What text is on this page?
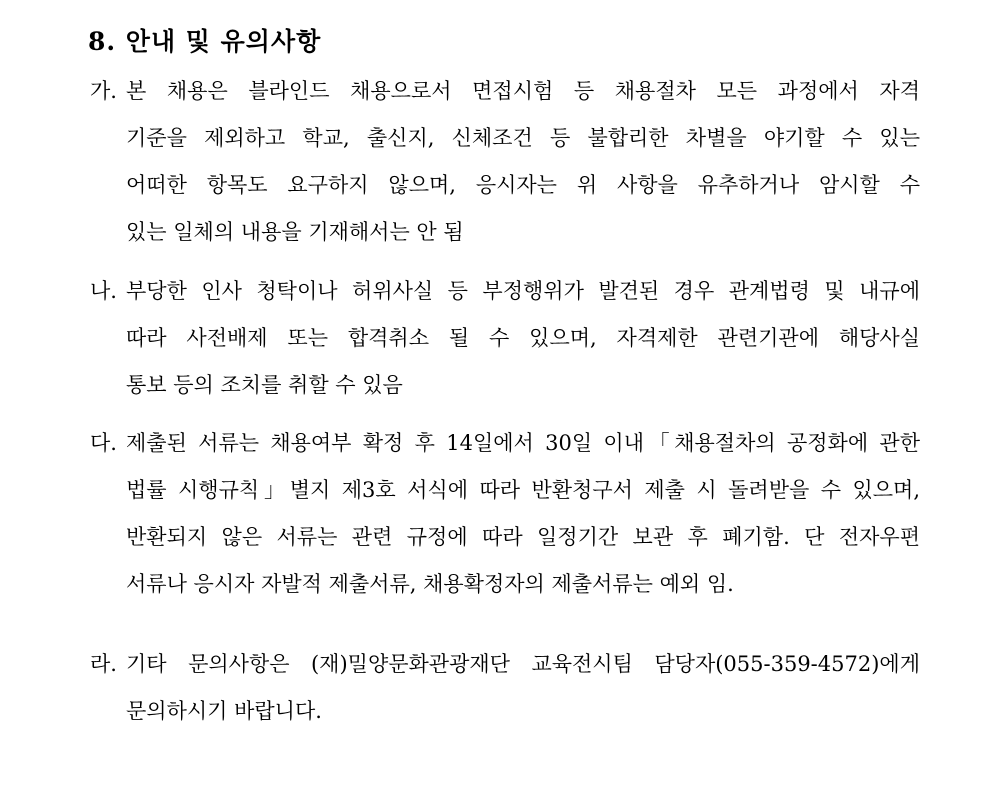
8. 안내 및 유의사항
가. 본 채용은 블라인드 채용으로서 면접시험 등 채용절차 모든 과정에서 자격
기준을 제외하고 학교, 출신지, 신체조건 등 불합리한 차별을 야기할 수 있는
어떠한 항목도 요구하지 않으며, 응시자는 위 사항을 유추하거나 암시할 수
있는 일체의 내용을 기재해서는 안 됨
나. 부당한 인사 청탁이나 허위사실 등 부정행위가 발견된 경우 관계법령 및 내규에
따라 사전배제 또는 합격취소 될 수 있으며, 자격제한 관련기관에 해당사실
통보 등의 조치를 취할 수 있음
다. 제출된 서류는 채용여부 확정 후 14일에서 30일 이내「채용절차의 공정화에 관한
법률 시행규칙」별지 제3호 서식에 따라 반환청구서 제출 시 돌려받을 수 있으며,
반환되지 않은 서류는 관련 규정에 따라 일정기간 보관 후 폐기함. 단 전자우편
서류나 응시자 자발적 제출서류, 채용확정자의 제출서류는 예외 임.
라. 기타 문의사항은 (재)밀양문화관광재단 교육전시팀 담당자(055-359-4572)에게
문의하시기 바랍니다.
